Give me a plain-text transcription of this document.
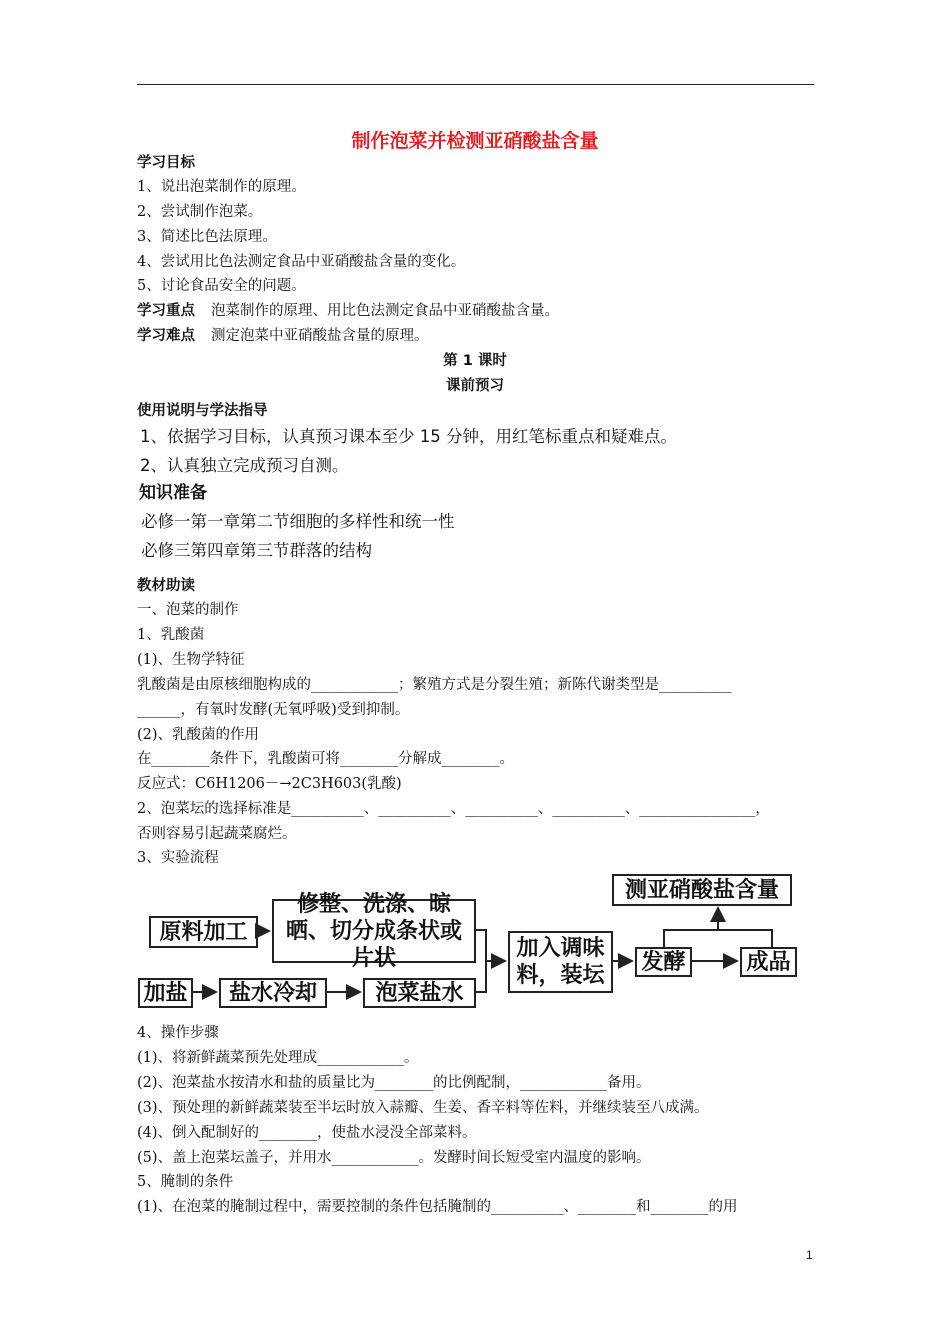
制作泡菜并检测亚硝酸盐含量
学习目标
1、说出泡菜制作的原理。
2、尝试制作泡菜。
3、简述比色法原理。
4、尝试用比色法测定食品中亚硝酸盐含量的变化。
5、讨论食品安全的问题。
学习重点 泡菜制作的原理、用比色法测定食品中亚硝酸盐含量。
学习难点 测定泡菜中亚硝酸盐含量的原理。
第 1 课时
课前预习
使用说明与学法指导
1、依据学习目标，认真预习课本至少 15 分钟，用红笔标重点和疑难点。
2、认真独立完成预习自测。
知识准备
必修一第一章第二节细胞的多样性和统一性
必修三第四章第三节群落的结构
教材助读
一、泡菜的制作
1、乳酸菌
(1)、生物学特征
乳酸菌是由原核细胞构成的____________；繁殖方式是分裂生殖；新陈代谢类型是__________
______，有氧时发酵(无氧呼吸)受到抑制。
(2)、乳酸菌的作用
在________条件下，乳酸菌可将________分解成________。
反应式：C6H1206－→2C3H603(乳酸)
2、泡菜坛的选择标准是__________、__________、__________、__________、________________，
否则容易引起蔬菜腐烂。
3、实验流程
原料加工
修整、洗涤、晾晒、切分成条状或片状
加盐	盐水冷却	泡菜盐水
加入调味料，装坛
发酵	成品
测亚硝酸盐含量
4、操作步骤
(1)、将新鲜蔬菜预先处理成____________。
(2)、泡菜盐水按清水和盐的质量比为________的比例配制，____________备用。
(3)、预处理的新鲜蔬菜装至半坛时放入蒜瓣、生姜、香辛料等佐料，并继续装至八成满。
(4)、倒入配制好的________，使盐水浸没全部菜料。
(5)、盖上泡菜坛盖子，并用水____________。发酵时间长短受室内温度的影响。
5、腌制的条件
(1)、在泡菜的腌制过程中，需要控制的条件包括腌制的__________、________和________的用
1
